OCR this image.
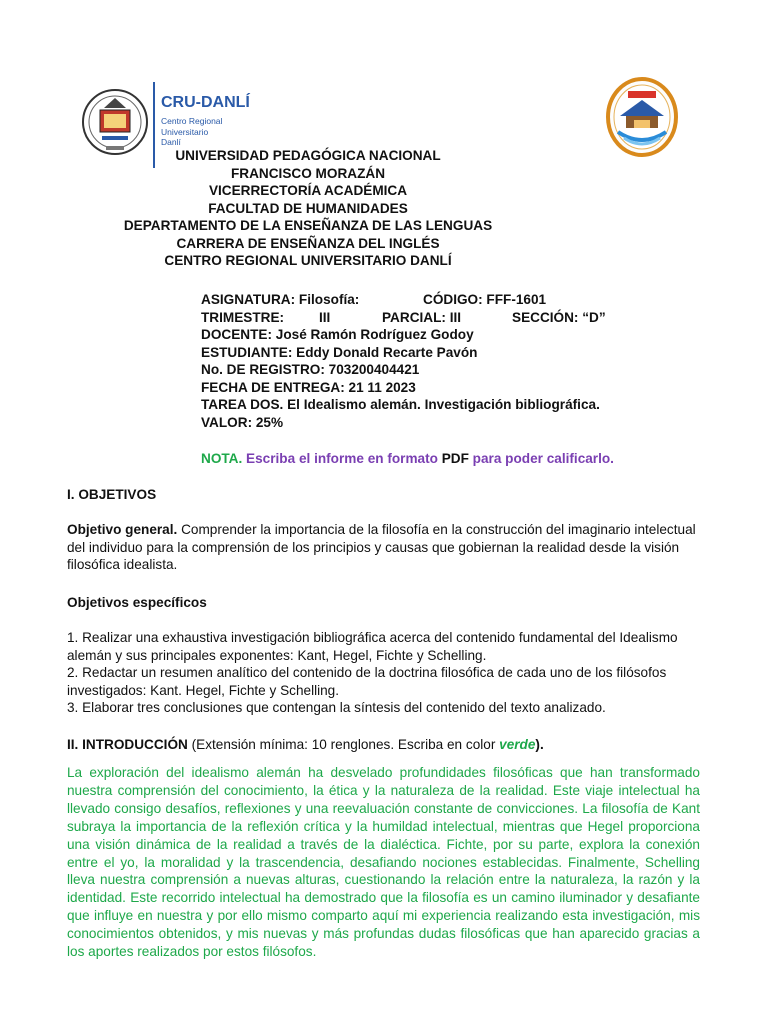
CRU-DANLÍ
Centro Regional
Universitario
Danlí
UNIVERSIDAD PEDAGÓGICA NACIONAL
FRANCISCO MORAZÁN
VICERRECTORÍA ACADÉMICA
FACULTAD DE HUMANIDADES
DEPARTAMENTO DE LA ENSEÑANZA DE LAS LENGUAS
CARRERA DE ENSEÑANZA DEL INGLÉS
CENTRO REGIONAL UNIVERSITARIO DANLÍ
ASIGNATURA: Filosofía:	CÓDIGO: FFF-1601
TRIMESTRE:	III	PARCIAL: III	SECCIÓN: “D”
DOCENTE: José Ramón Rodríguez Godoy
ESTUDIANTE: Eddy Donald Recarte Pavón
No. DE REGISTRO: 703200404421
FECHA DE ENTREGA: 21 11 2023
TAREA DOS. El Idealismo alemán. Investigación bibliográfica.
VALOR: 25%
NOTA. Escriba el informe en formato PDF para poder calificarlo.
I. OBJETIVOS
Objetivo general. Comprender la importancia de la filosofía en la construcción del imaginario intelectual del individuo para la comprensión de los principios y causas que gobiernan la realidad desde la visión filosófica idealista.
Objetivos específicos
1. Realizar una exhaustiva investigación bibliográfica acerca del contenido fundamental del Idealismo alemán y sus principales exponentes: Kant, Hegel, Fichte y Schelling.
2. Redactar un resumen analítico del contenido de la doctrina filosófica de cada uno de los filósofos investigados: Kant. Hegel, Fichte y Schelling.
3. Elaborar tres conclusiones que contengan la síntesis del contenido del texto analizado.
II. INTRODUCCIÓN (Extensión mínima: 10 renglones. Escriba en color verde).
La exploración del idealismo alemán ha desvelado profundidades filosóficas que han transformado nuestra comprensión del conocimiento, la ética y la naturaleza de la realidad. Este viaje intelectual ha llevado consigo desafíos, reflexiones y una reevaluación constante de convicciones. La filosofía de Kant subraya la importancia de la reflexión crítica y la humildad intelectual, mientras que Hegel proporciona una visión dinámica de la realidad a través de la dialéctica. Fichte, por su parte, explora la conexión entre el yo, la moralidad y la trascendencia, desafiando nociones establecidas. Finalmente, Schelling lleva nuestra comprensión a nuevas alturas, cuestionando la relación entre la naturaleza, la razón y la identidad. Este recorrido intelectual ha demostrado que la filosofía es un camino iluminador y desafiante que influye en nuestra y por ello mismo comparto aquí mi experiencia realizando esta investigación, mis conocimientos obtenidos, y mis nuevas y más profundas dudas filosóficas que han aparecido gracias a los aportes realizados por estos filósofos.
